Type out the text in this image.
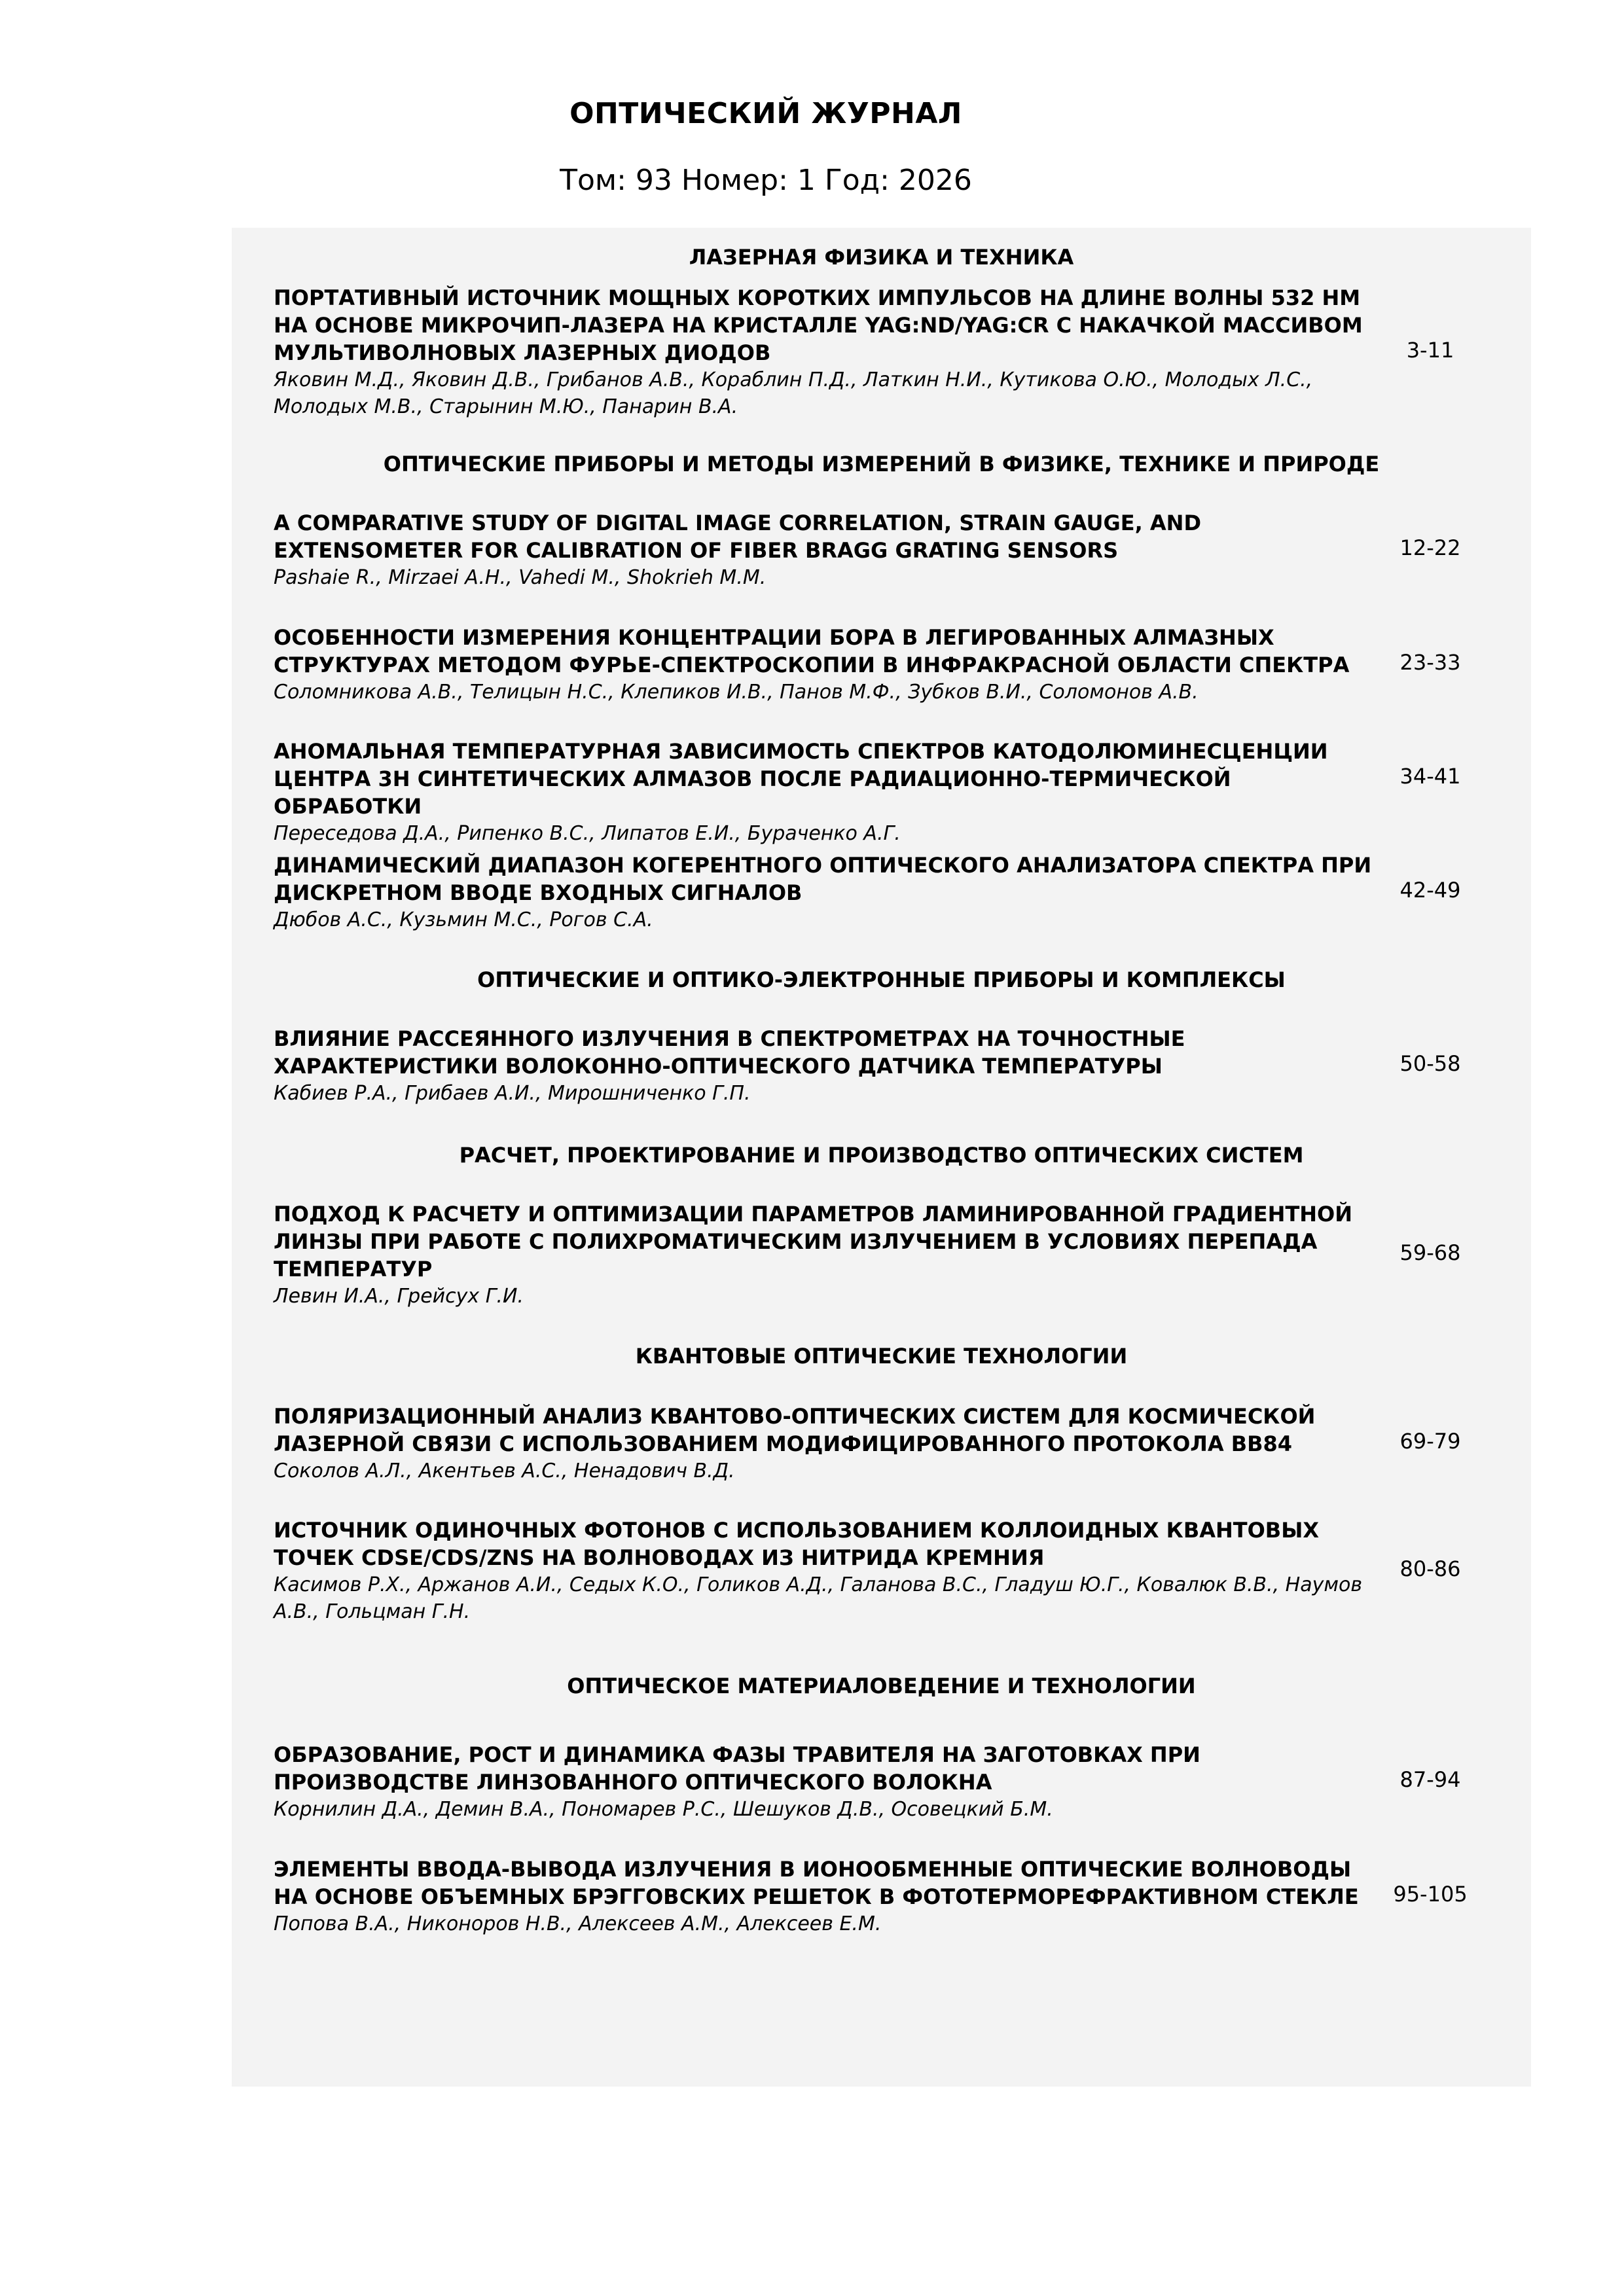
ОПТИЧЕСКИЙ ЖУРНАЛ
Том: 93 Номер: 1 Год: 2026
ЛАЗЕРНАЯ ФИЗИКА И ТЕХНИКА
ПОРТАТИВНЫЙ ИСТОЧНИК МОЩНЫХ КОРОТКИХ ИМПУЛЬСОВ НА ДЛИНЕ ВОЛНЫ 532 НМ НА ОСНОВЕ МИКРОЧИП-ЛАЗЕРА НА КРИСТАЛЛЕ YAG:ND/YAG:CR С НАКАЧКОЙ МАССИВОМ МУЛЬТИВОЛНОВЫХ ЛАЗЕРНЫХ ДИОДОВ
Яковин М.Д., Яковин Д.В., Грибанов А.В., Кораблин П.Д., Латкин Н.И., Кутикова О.Ю., Молодых Л.С., Молодых М.В., Старынин М.Ю., Панарин В.А.
3-11
ОПТИЧЕСКИЕ ПРИБОРЫ И МЕТОДЫ ИЗМЕРЕНИЙ В ФИЗИКЕ, ТЕХНИКЕ И ПРИРОДЕ
A COMPARATIVE STUDY OF DIGITAL IMAGE CORRELATION, STRAIN GAUGE, AND EXTENSOMETER FOR CALIBRATION OF FIBER BRAGG GRATING SENSORS
Pashaie R., Mirzaei A.H., Vahedi M., Shokrieh M.M.
12-22
ОСОБЕННОСТИ ИЗМЕРЕНИЯ КОНЦЕНТРАЦИИ БОРА В ЛЕГИРОВАННЫХ АЛМАЗНЫХ СТРУКТУРАХ МЕТОДОМ ФУРЬЕ-СПЕКТРОСКОПИИ В ИНФРАКРАСНОЙ ОБЛАСТИ СПЕКТРА
Соломникова А.В., Телицын Н.С., Клепиков И.В., Панов М.Ф., Зубков В.И., Соломонов А.В.
23-33
АНОМАЛЬНАЯ ТЕМПЕРАТУРНАЯ ЗАВИСИМОСТЬ СПЕКТРОВ КАТОДОЛЮМИНЕСЦЕНЦИИ ЦЕНТРА 3Н СИНТЕТИЧЕСКИХ АЛМАЗОВ ПОСЛЕ РАДИАЦИОННО-ТЕРМИЧЕСКОЙ ОБРАБОТКИ
Переседова Д.А., Рипенко В.С., Липатов Е.И., Бураченко А.Г.
34-41
ДИНАМИЧЕСКИЙ ДИАПАЗОН КОГЕРЕНТНОГО ОПТИЧЕСКОГО АНАЛИЗАТОРА СПЕКТРА ПРИ ДИСКРЕТНОМ ВВОДЕ ВХОДНЫХ СИГНАЛОВ
Дюбов А.С., Кузьмин М.С., Рогов С.А.
42-49
ОПТИЧЕСКИЕ И ОПТИКО-ЭЛЕКТРОННЫЕ ПРИБОРЫ И КОМПЛЕКСЫ
ВЛИЯНИЕ РАССЕЯННОГО ИЗЛУЧЕНИЯ В СПЕКТРОМЕТРАХ НА ТОЧНОСТНЫЕ ХАРАКТЕРИСТИКИ ВОЛОКОННО-ОПТИЧЕСКОГО ДАТЧИКА ТЕМПЕРАТУРЫ
Кабиев Р.А., Грибаев А.И., Мирошниченко Г.П.
50-58
РАСЧЕТ, ПРОЕКТИРОВАНИЕ И ПРОИЗВОДСТВО ОПТИЧЕСКИХ СИСТЕМ
ПОДХОД К РАСЧЕТУ И ОПТИМИЗАЦИИ ПАРАМЕТРОВ ЛАМИНИРОВАННОЙ ГРАДИЕНТНОЙ ЛИНЗЫ ПРИ РАБОТЕ С ПОЛИХРОМАТИЧЕСКИМ ИЗЛУЧЕНИЕМ В УСЛОВИЯХ ПЕРЕПАДА ТЕМПЕРАТУР
Левин И.А., Грейсух Г.И.
59-68
КВАНТОВЫЕ ОПТИЧЕСКИЕ ТЕХНОЛОГИИ
ПОЛЯРИЗАЦИОННЫЙ АНАЛИЗ КВАНТОВО-ОПТИЧЕСКИХ СИСТЕМ ДЛЯ КОСМИЧЕСКОЙ ЛАЗЕРНОЙ СВЯЗИ С ИСПОЛЬЗОВАНИЕМ МОДИФИЦИРОВАННОГО ПРОТОКОЛА BB84
Соколов А.Л., Акентьев А.С., Ненадович В.Д.
69-79
ИСТОЧНИК ОДИНОЧНЫХ ФОТОНОВ С ИСПОЛЬЗОВАНИЕМ КОЛЛОИДНЫХ КВАНТОВЫХ ТОЧЕК CDSE/CDS/ZNS НА ВОЛНОВОДАХ ИЗ НИТРИДА КРЕМНИЯ
Касимов Р.Х., Аржанов А.И., Седых К.О., Голиков А.Д., Галанова В.С., Гладуш Ю.Г., Ковалюк В.В., Наумов А.В., Гольцман Г.Н.
80-86
ОПТИЧЕСКОЕ МАТЕРИАЛОВЕДЕНИЕ И ТЕХНОЛОГИИ
ОБРАЗОВАНИЕ, РОСТ И ДИНАМИКА ФАЗЫ ТРАВИТЕЛЯ НА ЗАГОТОВКАХ ПРИ ПРОИЗВОДСТВЕ ЛИНЗОВАННОГО ОПТИЧЕСКОГО ВОЛОКНА
Корнилин Д.А., Демин В.А., Пономарев Р.С., Шешуков Д.В., Осовецкий Б.М.
87-94
ЭЛЕМЕНТЫ ВВОДА-ВЫВОДА ИЗЛУЧЕНИЯ В ИОНООБМЕННЫЕ ОПТИЧЕСКИЕ ВОЛНОВОДЫ НА ОСНОВЕ ОБЪЕМНЫХ БРЭГГОВСКИХ РЕШЕТОК В ФОТОТЕРМОРЕФРАКТИВНОМ СТЕКЛЕ
Попова В.А., Никоноров Н.В., Алексеев А.М., Алексеев Е.М.
95-105
